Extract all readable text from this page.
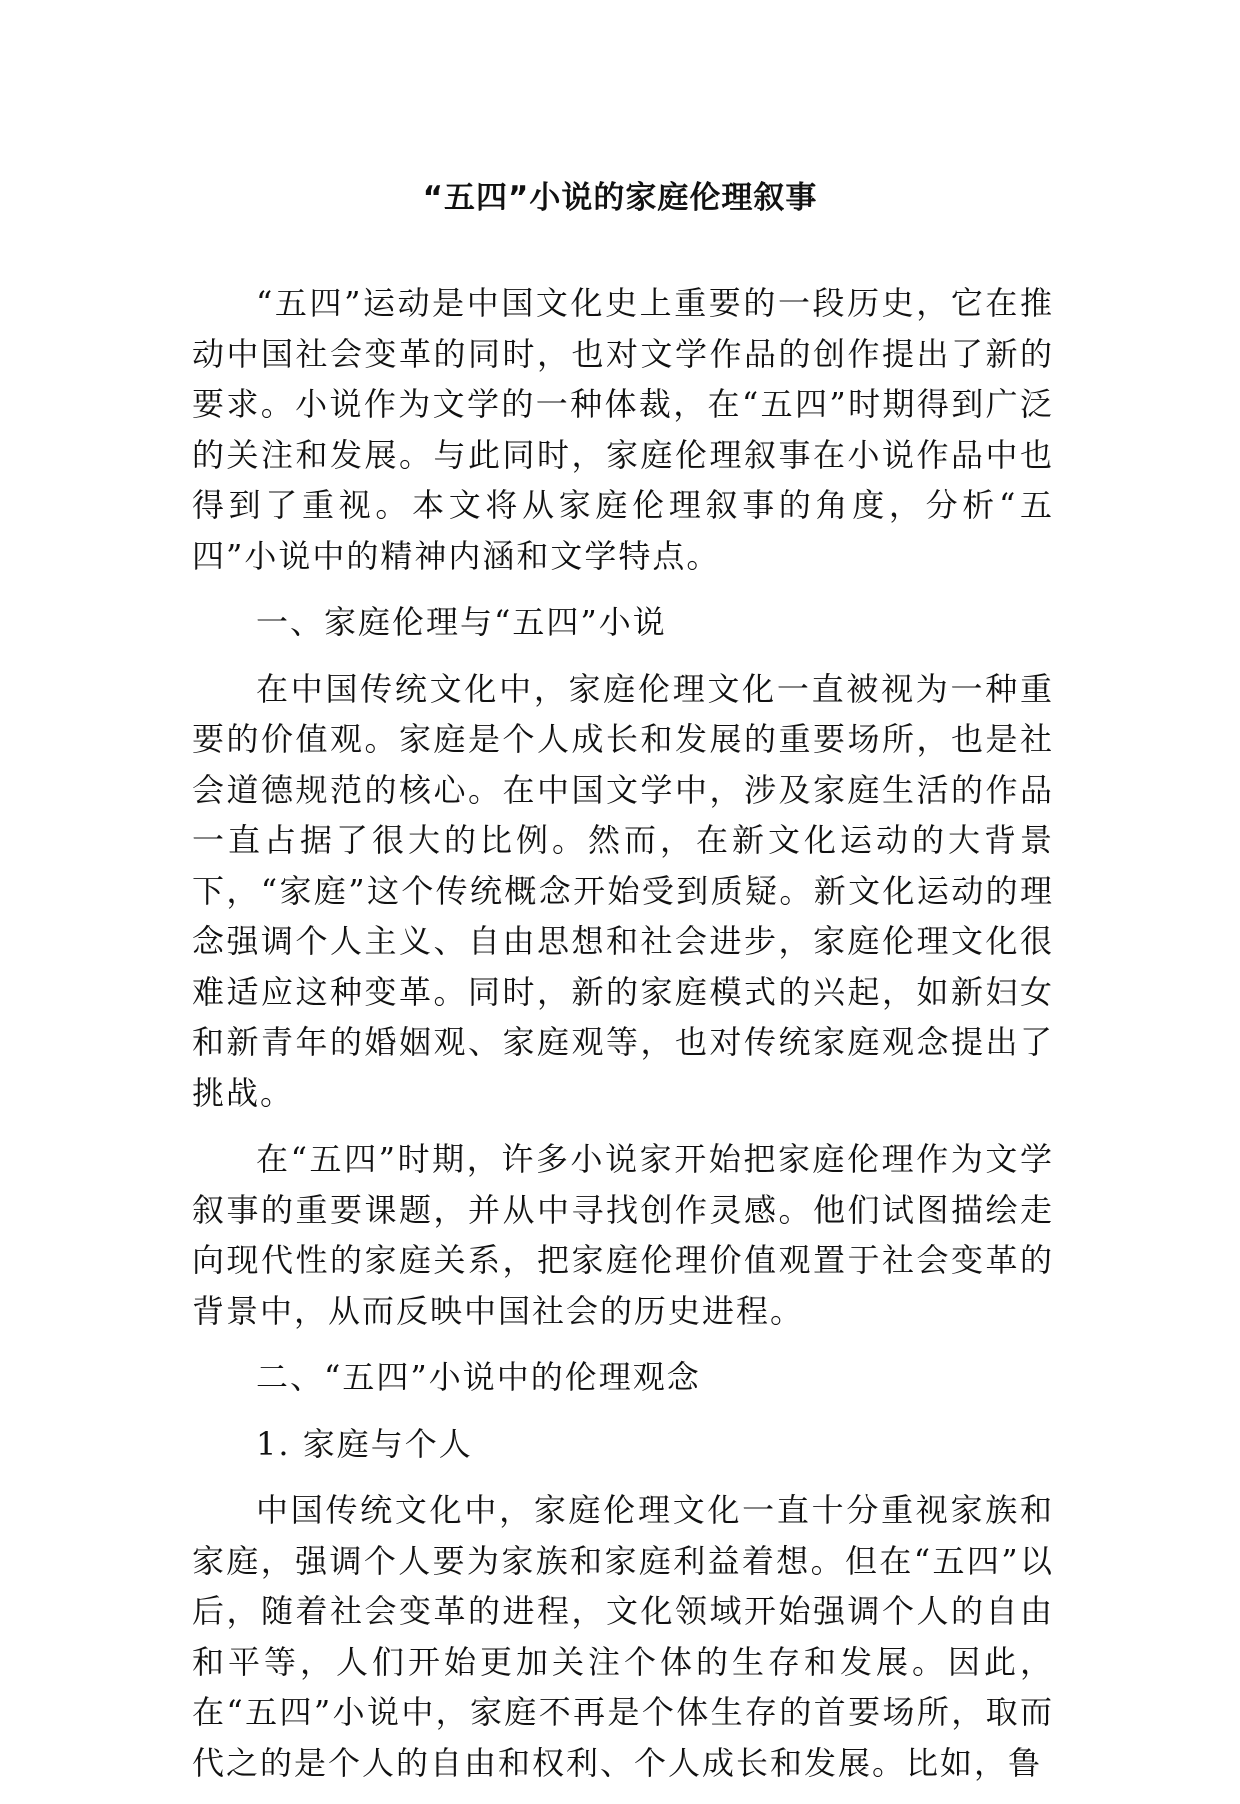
“五四”小说的家庭伦理叙事

“五四”运动是中国文化史上重要的一段历史，它在推动中国社会变革的同时，也对文学作品的创作提出了新的要求。小说作为文学的一种体裁，在“五四”时期得到广泛的关注和发展。与此同时，家庭伦理叙事在小说作品中也得到了重视。本文将从家庭伦理叙事的角度，分析“五四”小说中的精神内涵和文学特点。

一、家庭伦理与“五四”小说

在中国传统文化中，家庭伦理文化一直被视为一种重要的价值观。家庭是个人成长和发展的重要场所，也是社会道德规范的核心。在中国文学中，涉及家庭生活的作品一直占据了很大的比例。然而，在新文化运动的大背景下，“家庭”这个传统概念开始受到质疑。新文化运动的理念强调个人主义、自由思想和社会进步，家庭伦理文化很难适应这种变革。同时，新的家庭模式的兴起，如新妇女和新青年的婚姻观、家庭观等，也对传统家庭观念提出了挑战。

在“五四”时期，许多小说家开始把家庭伦理作为文学叙事的重要课题，并从中寻找创作灵感。他们试图描绘走向现代性的家庭关系，把家庭伦理价值观置于社会变革的背景中，从而反映中国社会的历史进程。

二、“五四”小说中的伦理观念

1. 家庭与个人

中国传统文化中，家庭伦理文化一直十分重视家族和家庭，强调个人要为家族和家庭利益着想。但在“五四”以后，随着社会变革的进程，文化领域开始强调个人的自由和平等，人们开始更加关注个体的生存和发展。因此，在“五四”小说中，家庭不再是个体生存的首要场所，取而代之的是个人的自由和权利、个人成长和发展。比如，鲁
